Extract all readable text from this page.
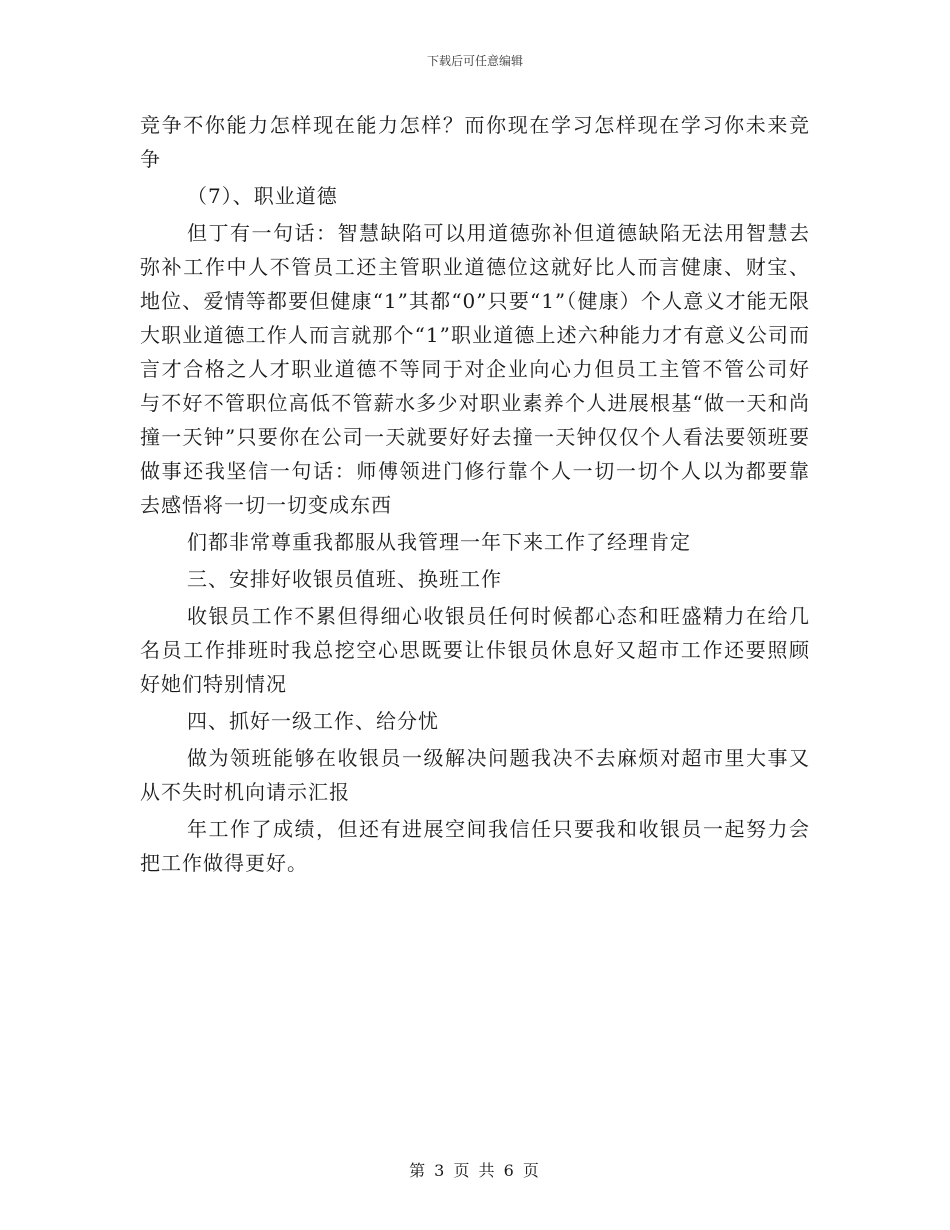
下载后可任意编辑

竞争不你能力怎样现在能力怎样？而你现在学习怎样现在学习你未来竞争

（7）、职业道德

但丁有一句话：智慧缺陷可以用道德弥补但道德缺陷无法用智慧去弥补工作中人不管员工还主管职业道德位这就好比人而言健康、财宝、地位、爱情等都要但健康“1”其都“0”只要“1”（健康）个人意义才能无限大职业道德工作人而言就那个“1”职业道德上述六种能力才有意义公司而言才合格之人才职业道德不等同于对企业向心力但员工主管不管公司好与不好不管职位高低不管薪水多少对职业素养个人进展根基“做一天和尚撞一天钟”只要你在公司一天就要好好去撞一天钟仅仅个人看法要领班要做事还我坚信一句话：师傅领进门修行靠个人一切一切个人以为都要靠去感悟将一切一切变成东西

们都非常尊重我都服从我管理一年下来工作了经理肯定

三、安排好收银员值班、换班工作

收银员工作不累但得细心收银员任何时候都心态和旺盛精力在给几名员工作排班时我总挖空心思既要让佧银员休息好又超市工作还要照顾好她们特别情况

四、抓好一级工作、给分忧

做为领班能够在收银员一级解决问题我决不去麻烦对超市里大事又从不失时机向请示汇报

年工作了成绩，但还有进展空间我信任只要我和收银员一起努力会把工作做得更好。

第 3 页 共 6 页
